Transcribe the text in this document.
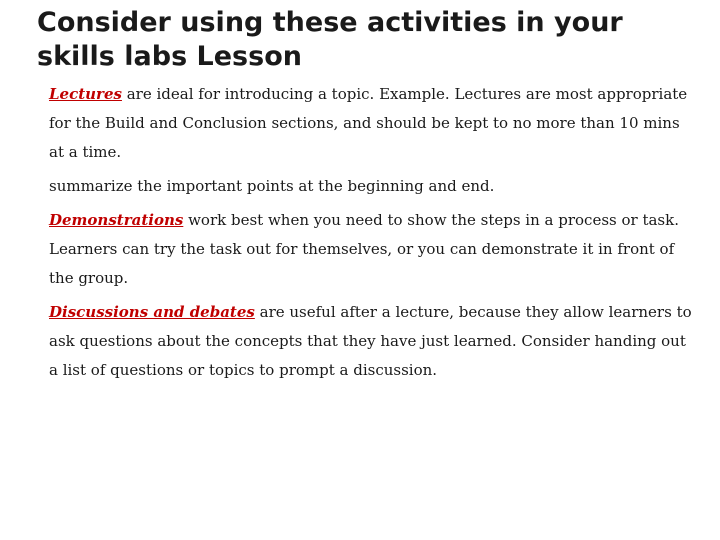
Consider using these activities in your skills labs Lesson

Lectures are ideal for introducing a topic. Example. Lectures are most appropriate for the Build and Conclusion sections, and should be kept to no more than 10 mins at a time.

summarize the important points at the beginning and end.

Demonstrations work best when you need to show the steps in a process or task. Learners can try the task out for themselves, or you can demonstrate it in front of the group.

Discussions and debates are useful after a lecture, because they allow learners to ask questions about the concepts that they have just learned. Consider handing out a list of questions or topics to prompt a discussion.
